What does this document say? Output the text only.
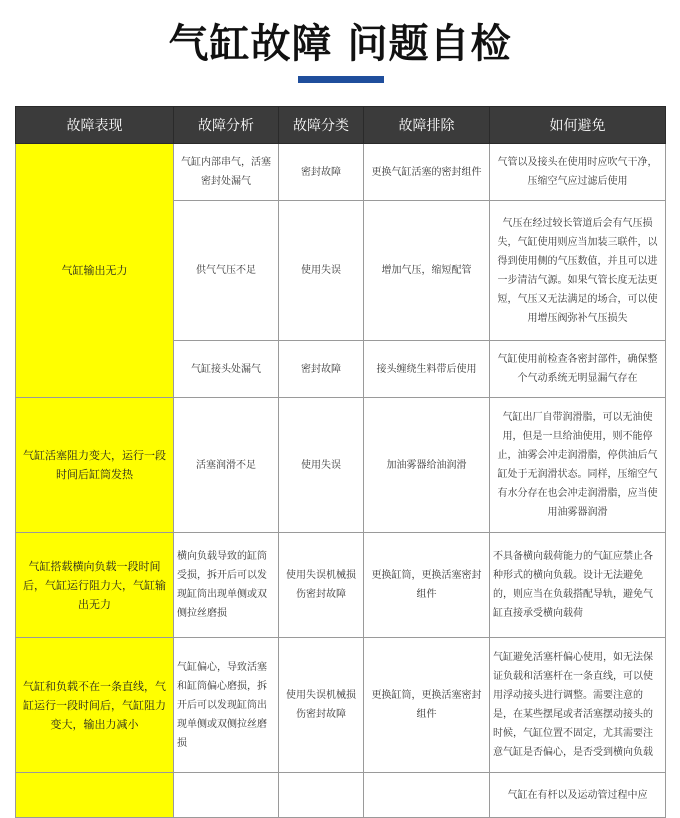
气缸故障 问题自检
故障表现	故障分析	故障分类	故障排除	如何避免
气缸输出无力	气缸内部串气，活塞密封处漏气	密封故障	更换气缸活塞的密封组件	气管以及接头在使用时应吹气干净，压缩空气应过滤后使用
	供气气压不足	使用失误	增加气压，缩短配管	气压在经过较长管道后会有气压损失，气缸使用则应当加装三联件，以得到使用侧的气压数值，并且可以进一步清洁气源。如果气管长度无法更短，气压又无法满足的场合，可以使用增压阀弥补气压损失
	气缸接头处漏气	密封故障	接头缠绕生料带后使用	气缸使用前检查各密封部件，确保整个气动系统无明显漏气存在
气缸活塞阻力变大，运行一段时间后缸筒发热	活塞润滑不足	使用失误	加油雾器给油润滑	气缸出厂自带润滑脂，可以无油使用，但是一旦给油使用，则不能停止，油雾会冲走润滑脂，停供油后气缸处于无润滑状态。同样，压缩空气有水分存在也会冲走润滑脂，应当使用油雾器润滑
气缸搭载横向负载一段时间后，气缸运行阻力大，气缸输出无力	横向负载导致的缸筒受损，拆开后可以发现缸筒出现单侧或双侧拉丝磨损	使用失误机械损伤密封故障	更换缸筒，更换活塞密封组件	不具备横向载荷能力的气缸应禁止各种形式的横向负载。设计无法避免的，则应当在负载搭配导轨，避免气缸直接承受横向载荷
气缸和负载不在一条直线，气缸运行一段时间后，气缸阻力变大，输出力减小	气缸偏心，导致活塞和缸筒偏心磨损，拆开后可以发现缸筒出现单侧或双侧拉丝磨损	使用失误机械损伤密封故障	更换缸筒，更换活塞密封组件	气缸避免活塞杆偏心使用，如无法保证负载和活塞杆在一条直线，可以使用浮动接头进行调整。需要注意的是，在某些摆尾或者活塞摆动接头的时候，气缸位置不固定，尤其需要注意气缸是否偏心，是否受到横向负载
				气缸在有杆以及运动管过程中应
